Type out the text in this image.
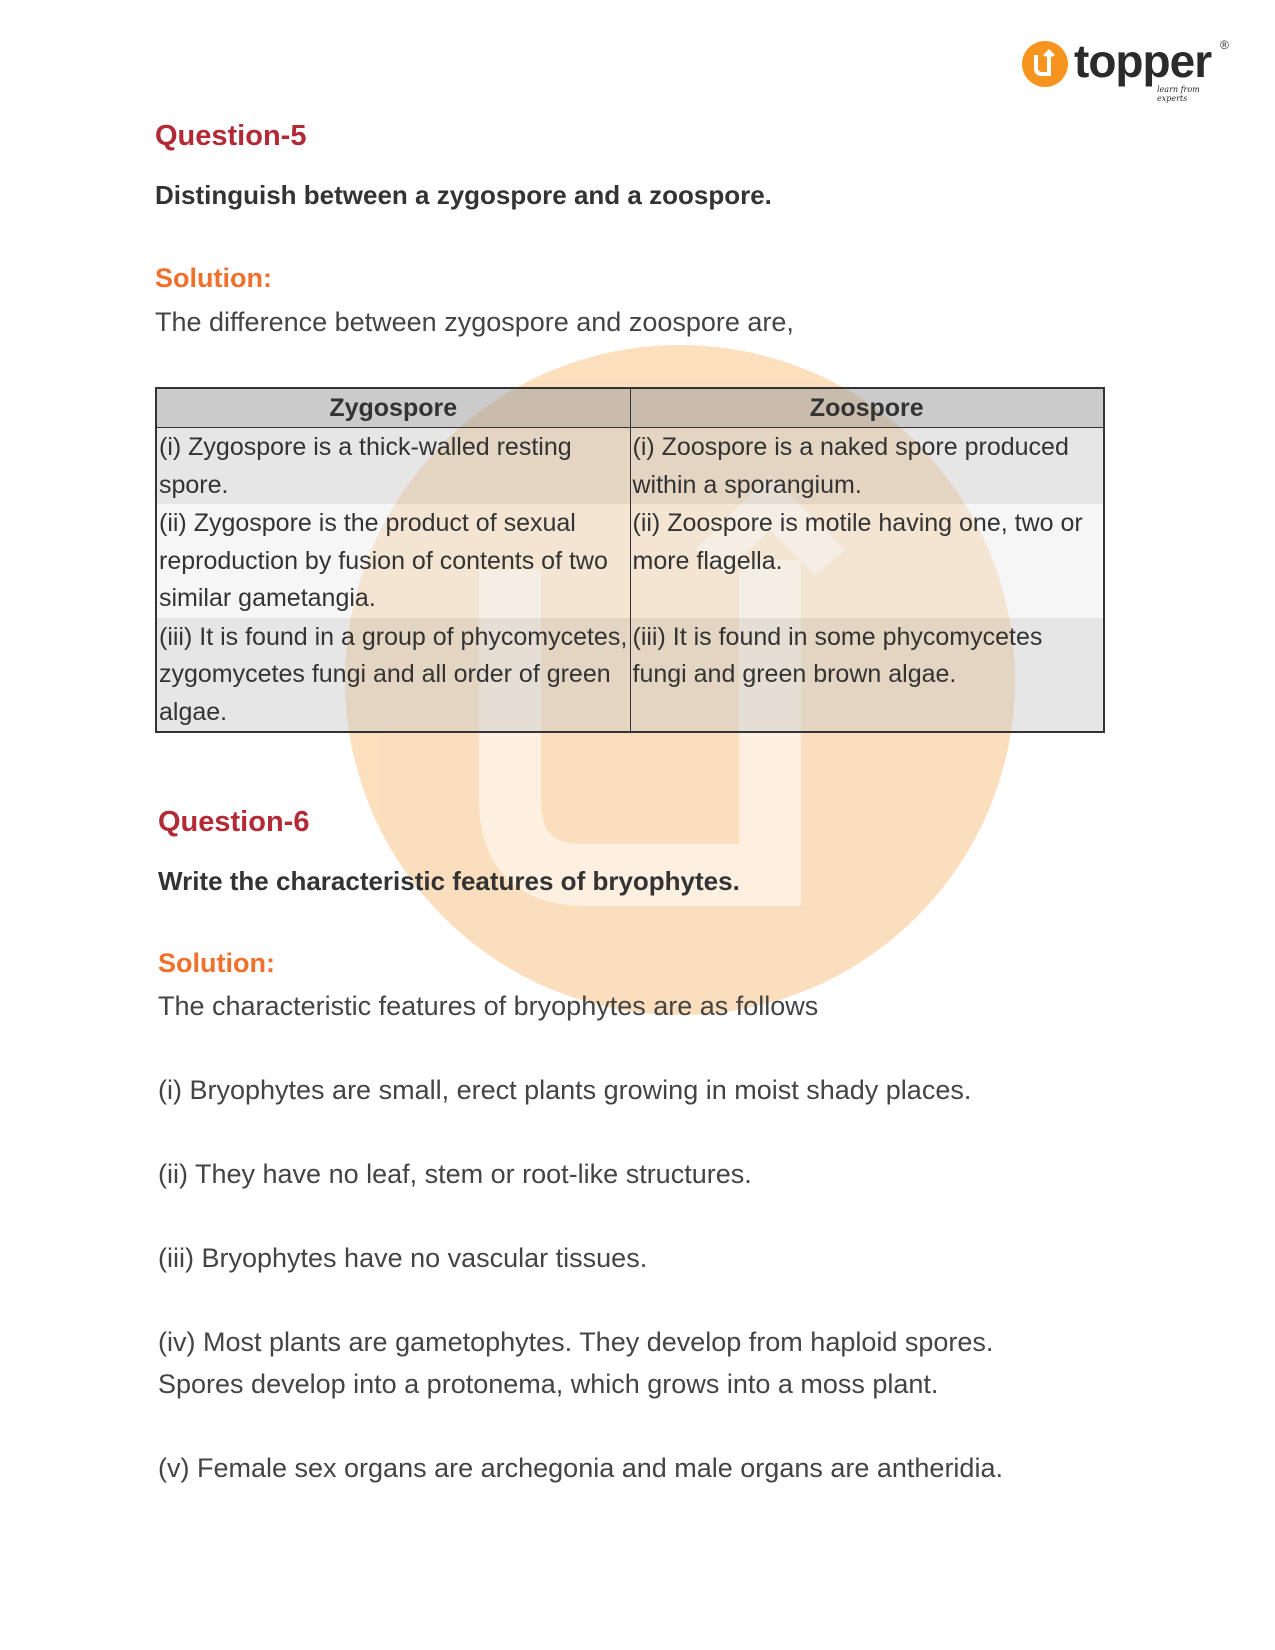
topper ®
learn from experts
Question-5

Distinguish between a zygospore and a zoospore.

Solution:

The difference between zygospore and zoospore are,

Zygospore	Zoospore
(i) Zygospore is a thick-walled resting spore.	(i) Zoospore is a naked spore produced within a sporangium.
(ii) Zygospore is the product of sexual reproduction by fusion of contents of two similar gametangia.	(ii) Zoospore is motile having one, two or more flagella.
(iii) It is found in a group of phycomycetes, zygomycetes fungi and all order of green algae.	(iii) It is found in some phycomycetes fungi and green brown algae.
Question-6

Write the characteristic features of bryophytes.

Solution:

The characteristic features of bryophytes are as follows

(i) Bryophytes are small, erect plants growing in moist shady places.

(ii) They have no leaf, stem or root-like structures.

(iii) Bryophytes have no vascular tissues.

(iv) Most plants are gametophytes. They develop from haploid spores. Spores develop into a protonema, which grows into a moss plant.

(v) Female sex organs are archegonia and male organs are antheridia.
